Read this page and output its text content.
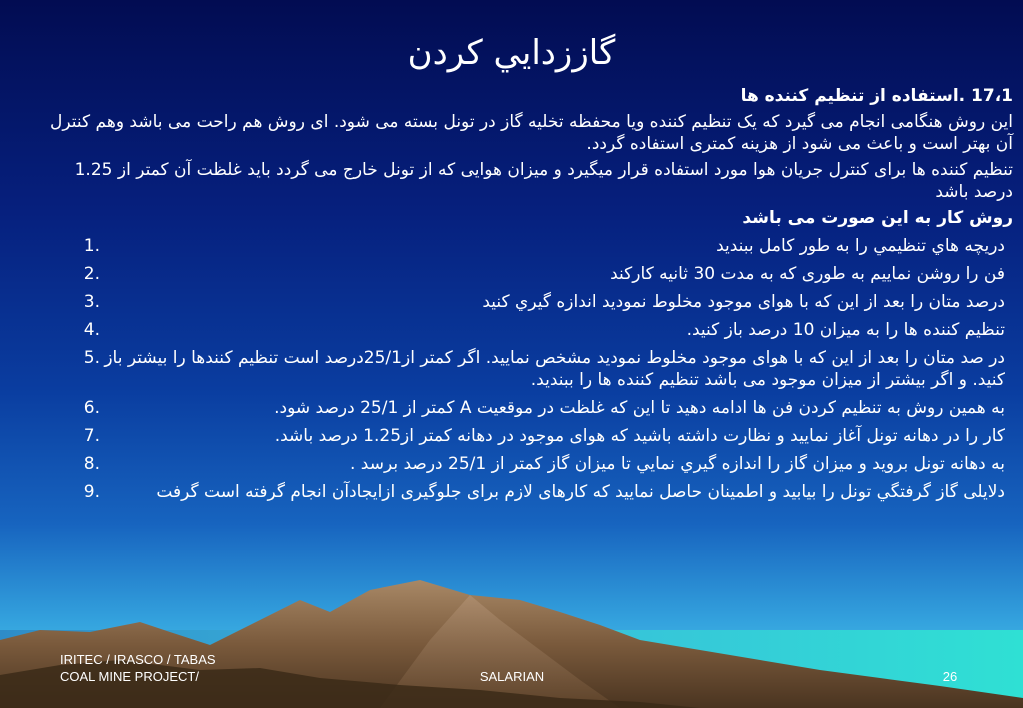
گازز‌دايي کردن
17،1 .استفاده از تنظیم کننده ها
این روش هنگامی انجام می گیرد که یک تنظیم کننده ویا محفظه تخلیه گاز در تونل بسته می شود. ای روش هم راحت می باشد وهم کنترل آن بهتر است و باعث می شود از هزینه کمتری استفاده گردد.
تنظیم کننده ها برای کنترل جریان هوا مورد استفاده قرار میگیرد و میزان هوایی که از تونل خارج می گردد باید غلظت آن کمتر از 1.25 درصد باشد
روش کار به این صورت می باشد
دريچه هاي تنظيمي را به طور كامل ببنديد
1.
فن را روشن نماييم به طوری که به مدت 30 ثانيه كاركند
2.
درصد متان را بعد از اين كه با هوای موجود مخلوط نموديد اندازه گيري كنيد
3.
تنظیم کننده ها را به میزان 10 درصد باز کنید.
4.
در صد متان را بعد از اين كه با هوای موجود مخلوط نموديد مشخص نماييد. اگر كمتر از25/1درصد است تنظيم كنندها را بيشتر باز كنيد. و اگر بيشتر از ميزان موجود می باشد تنظيم كننده ها را ببنديد.
5.
به همين روش به تنظيم كردن فن ها ادامه دهيد تا اين كه غلظت در موقعيت A كمتر از 25/1 درصد شود.
6.
کار را در دهانه تونل آغاز نمایید و نظارت داشته باشید که هوای موجود در دهانه کمتر از1.25 درصد باشد.
7.
به دهانه تونل برويد و ميزان گاز را اندازه گيري نمايي تا ميزان گاز كمتر از 25/1 درصد برسد .
8.
دلایلی گاز گرفتگي تونل را بيابيد و اطمينان حاصل نماييد كه كارهای لازم برای جلوگیری ازايجادآن انجام گرفته است گرفت
9.
IRITEC / IRASCO / TABAS
COAL MINE PROJECT/	SALARIAN	26
